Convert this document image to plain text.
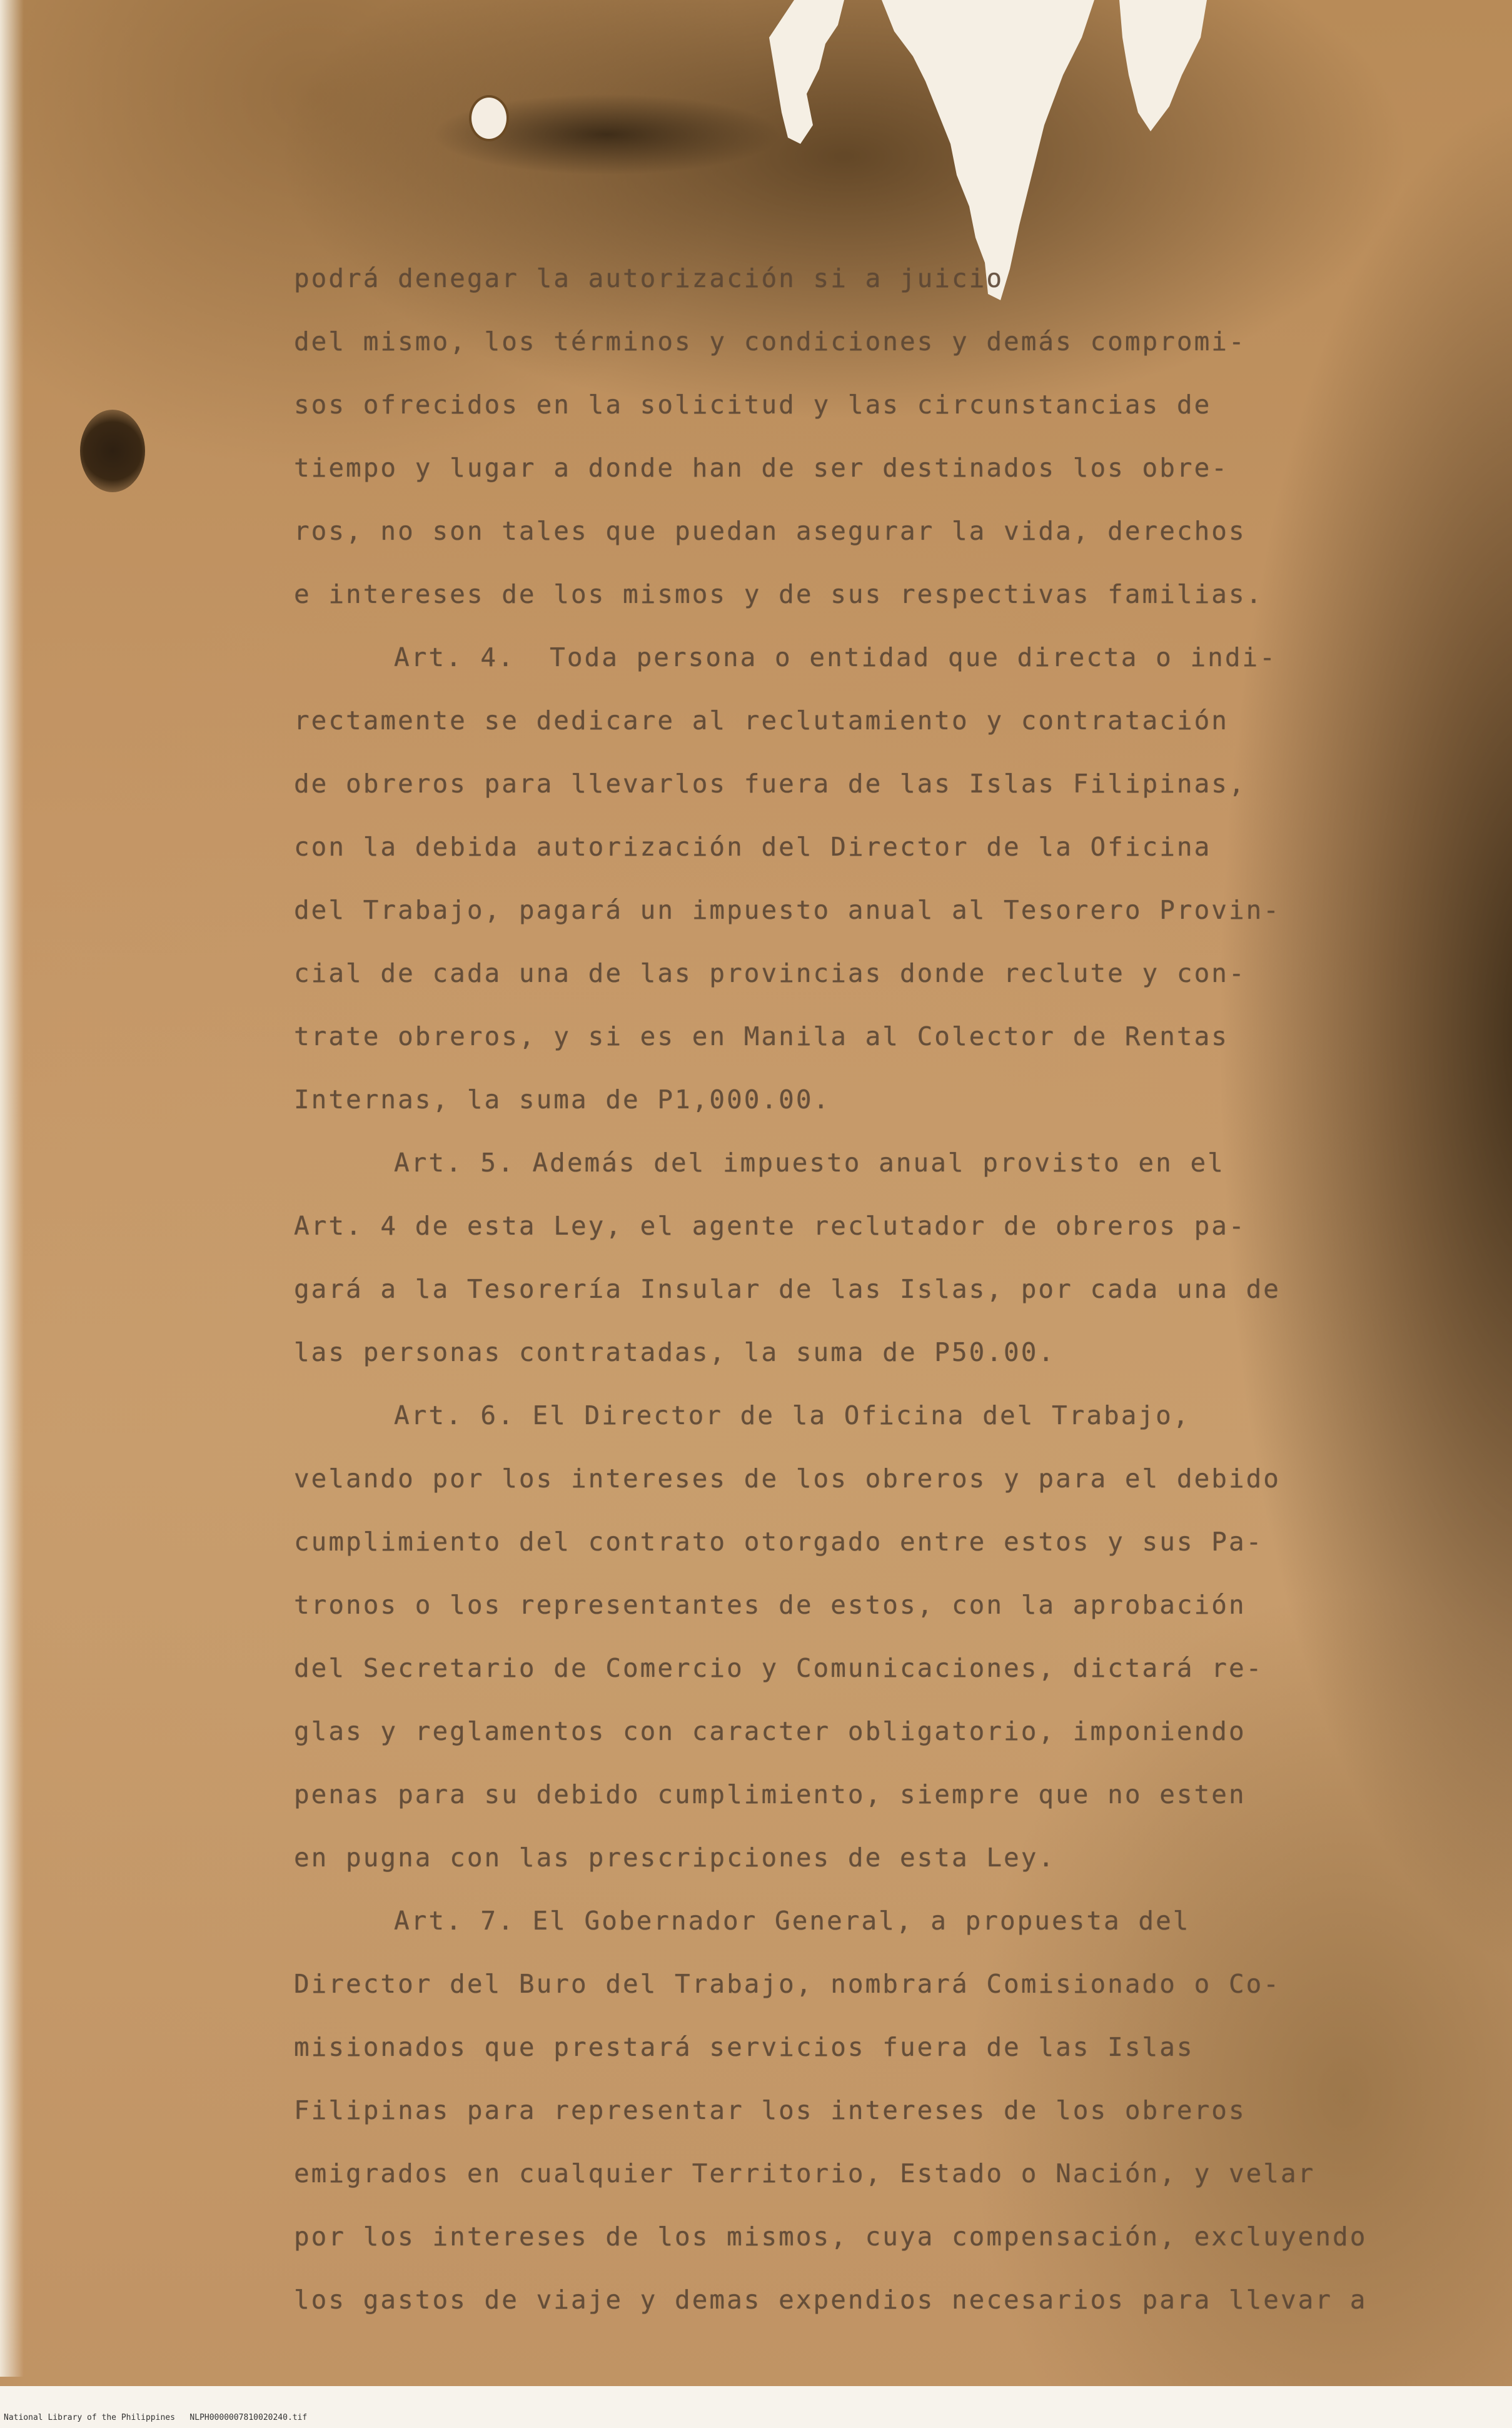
podrá denegar la autorización si a juicio
del mismo, los términos y condiciones y demás compromi-
sos ofrecidos en la solicitud y las circunstancias de
tiempo y lugar a donde han de ser destinados los obre-
ros, no son tales que puedan asegurar la vida, derechos
e intereses de los mismos y de sus respectivas familias.
Art. 4.  Toda persona o entidad que directa o indi-
rectamente se dedicare al reclutamiento y contratación
de obreros para llevarlos fuera de las Islas Filipinas,
con la debida autorización del Director de la Oficina
del Trabajo, pagará un impuesto anual al Tesorero Provin-
cial de cada una de las provincias donde reclute y con-
trate obreros, y si es en Manila al Colector de Rentas
Internas, la suma de P1,000.00.
Art. 5. Además del impuesto anual provisto en el
Art. 4 de esta Ley, el agente reclutador de obreros pa-
gará a la Tesorería Insular de las Islas, por cada una de
las personas contratadas, la suma de P50.00.
Art. 6. El Director de la Oficina del Trabajo,
velando por los intereses de los obreros y para el debido
cumplimiento del contrato otorgado entre estos y sus Pa-
tronos o los representantes de estos, con la aprobación
del Secretario de Comercio y Comunicaciones, dictará re-
glas y reglamentos con caracter obligatorio, imponiendo
penas para su debido cumplimiento, siempre que no esten
en pugna con las prescripciones de esta Ley.
Art. 7. El Gobernador General, a propuesta del
Director del Buro del Trabajo, nombrará Comisionado o Co-
misionados que prestará servicios fuera de las Islas
Filipinas para representar los intereses de los obreros
emigrados en cualquier Territorio, Estado o Nación, y velar
por los intereses de los mismos, cuya compensación, excluyendo
los gastos de viaje y demas expendios necesarios para llevar a
National Library of the Philippines   NLPH0000007810020240.tif
